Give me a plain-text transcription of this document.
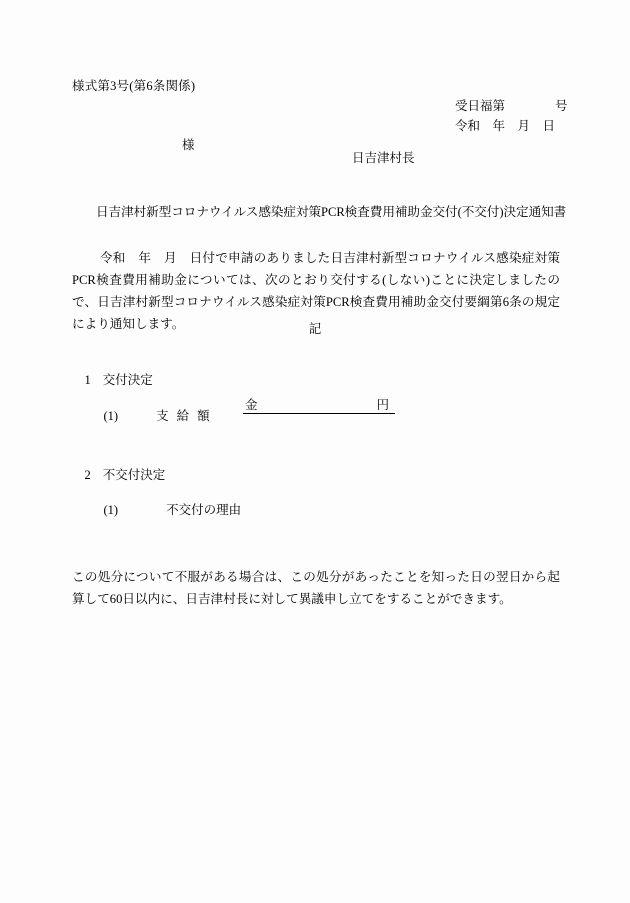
様式第3号(第6条関係)
受日福第　　　　号
令和　年　月　日
様
日吉津村長
日吉津村新型コロナウイルス感染症対策PCR検査費用補助金交付(不交付)決定通知書
令和　年　月　日付で申請のありました日吉津村新型コロナウイルス感染症対策PCR検査費用補助金については、次のとおり交付する(しない)ことに決定しましたので、日吉津村新型コロナウイルス感染症対策PCR検査費用補助金交付要綱第6条の規定により通知します。	記

1 交付決定

(1)	支給額

金	円

2 不交付決定

(1)	不交付の理由

この処分について不服がある場合は、この処分があったことを知った日の翌日から起算して60日以内に、日吉津村長に対して異議申し立てをすることができます。
